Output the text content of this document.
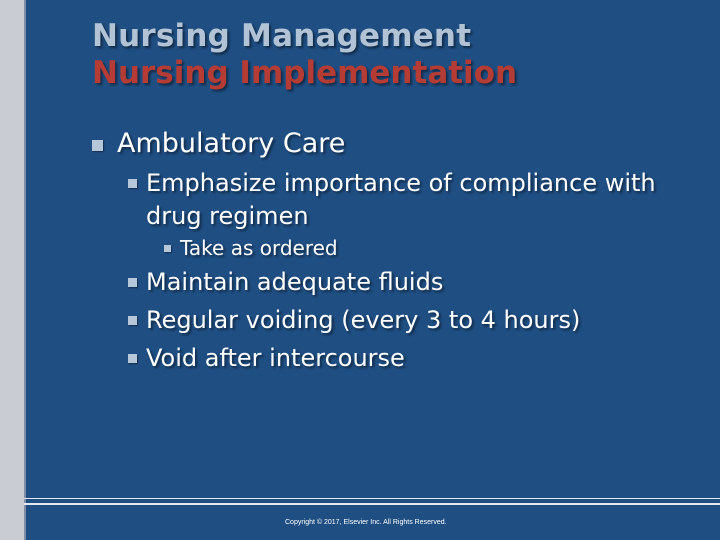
Nursing Management
Nursing Implementation
Ambulatory Care
Emphasize importance of compliance with drug regimen
Take as ordered
Maintain adequate fluids
Regular voiding (every 3 to 4 hours)
Void after intercourse
Copyright © 2017, Elsevier Inc. All Rights Reserved.
